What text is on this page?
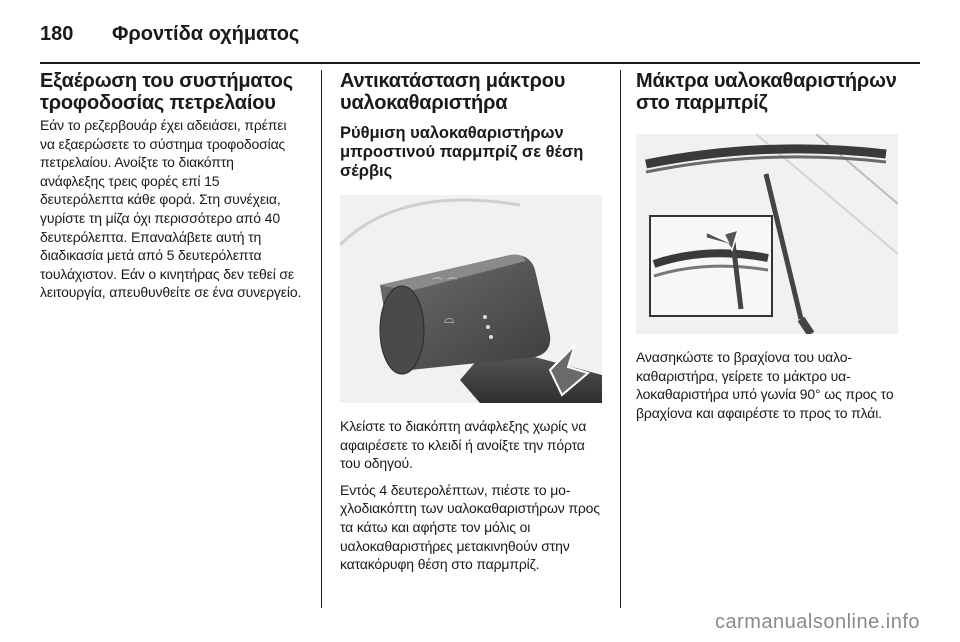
180	Φροντίδα οχήματος
Εξαέρωση του συστήματος τροφοδοσίας πετρελαίου

Εάν το ρεζερβουάρ έχει αδειάσει, πρέπει να εξαερώσετε το σύστημα τροφοδοσίας πετρελαίου. Ανοίξτε το διακόπτη ανάφλεξης τρεις φορές επί 15 δευτερόλεπτα κάθε φορά. Στη συνέχεια, γυρίστε τη μίζα όχι περισσότερο από 40 δευτερόλεπτα. Επαναλάβετε αυτή τη διαδικασία μετά από 5 δευτερόλεπτα τουλάχιστον. Εάν ο κινητήρας δεν τεθεί σε λειτουργία, απευθυνθείτε σε ένα συνεργείο.

Αντικατάσταση μάκτρου υαλοκαθαριστήρα
Ρύθμιση υαλοκαθαριστήρων μπροστινού παρμπρίζ σε θέση σέρβις
⌒ ⌒
⌓

Κλείστε το διακόπτη ανάφλεξης χωρίς να αφαιρέσετε το κλειδί ή ανοίξτε την πόρτα του οδηγού.

Εντός 4 δευτερολέπτων, πιέστε το μοχλοδιακόπτη των υαλοκαθαριστήρων προς τα κάτω και αφήστε τον μόλις οι υαλοκαθαριστήρες μετακινηθούν στην κατακόρυφη θέση στο παρμπρίζ.

Μάκτρα υαλοκαθαριστήρων στο παρμπρίζ

Ανασηκώστε το βραχίονα του υαλοκαθαριστήρα, γείρετε το μάκτρο υαλοκαθαριστήρα υπό γωνία 90° ως προς το βραχίονα και αφαιρέστε το προς το πλάι.

carmanualsonline.info
